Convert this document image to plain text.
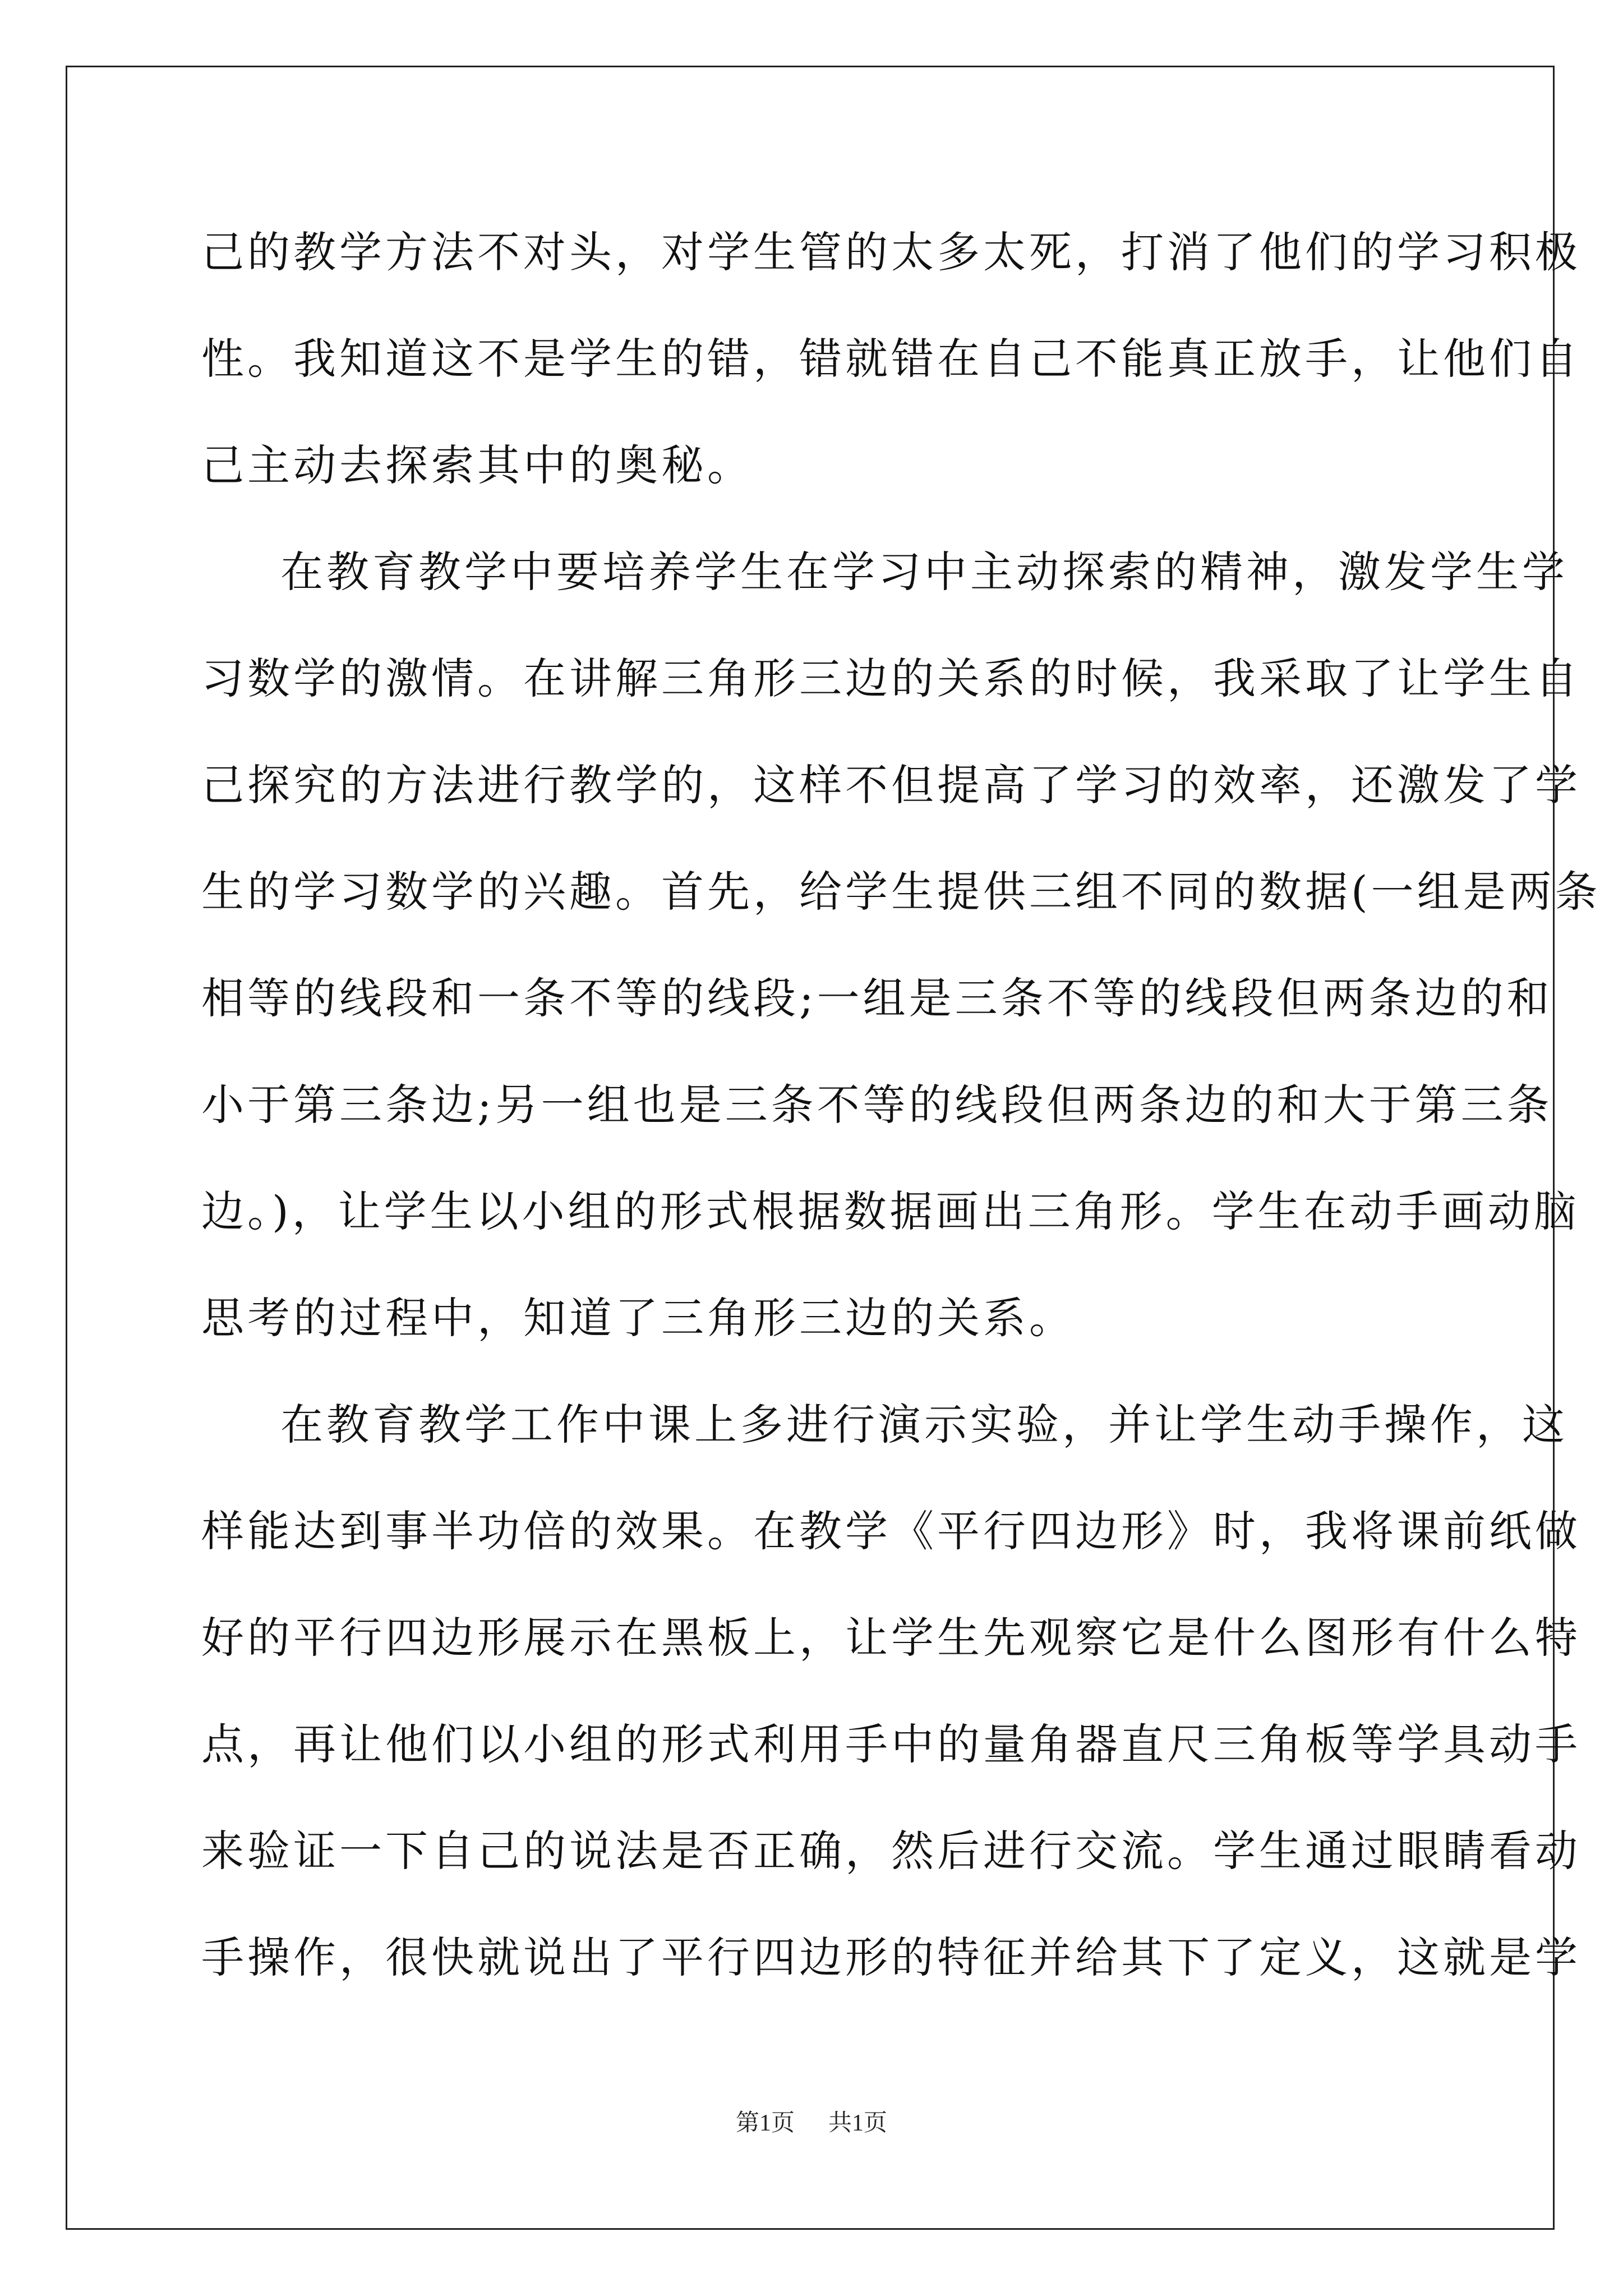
己的教学方法不对头，对学生管的太多太死，打消了他们的学习积极
性。我知道这不是学生的错，错就错在自己不能真正放手，让他们自
己主动去探索其中的奥秘。
在教育教学中要培养学生在学习中主动探索的精神，激发学生学
习数学的激情。在讲解三角形三边的关系的时候，我采取了让学生自
己探究的方法进行教学的，这样不但提高了学习的效率，还激发了学
生的学习数学的兴趣。首先，给学生提供三组不同的数据(一组是两条
相等的线段和一条不等的线段;一组是三条不等的线段但两条边的和
小于第三条边;另一组也是三条不等的线段但两条边的和大于第三条
边。)，让学生以小组的形式根据数据画出三角形。学生在动手画动脑
思考的过程中，知道了三角形三边的关系。
在教育教学工作中课上多进行演示实验，并让学生动手操作，这
样能达到事半功倍的效果。在教学《平行四边形》时，我将课前纸做
好的平行四边形展示在黑板上，让学生先观察它是什么图形有什么特
点，再让他们以小组的形式利用手中的量角器直尺三角板等学具动手
来验证一下自己的说法是否正确，然后进行交流。学生通过眼睛看动
手操作，很快就说出了平行四边形的特征并给其下了定义，这就是学
第1页 共1页
